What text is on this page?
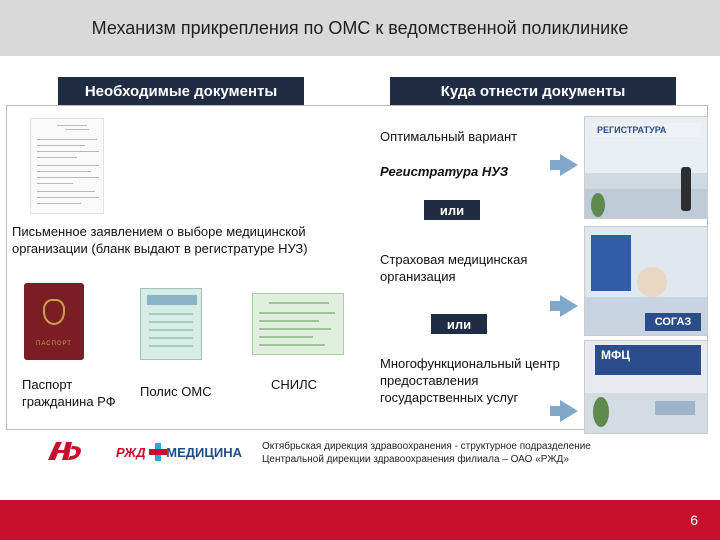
Механизм прикрепления по ОМС к ведомственной поликлинике
Необходимые документы	Куда отнести документы
Письменное заявлением о выборе медицинской организации (бланк выдают в регистратуре НУЗ)
ПАСПОРТ
Паспорт гражданина РФ
Полис ОМС	СНИЛС
Оптимальный вариант
Регистратура НУЗ
или
Страховая медицинская организация
или
Многофункциональный центр предоставления государственных услуг
РЕГИСТРАТУРА
СОГАЗ
МФЦ
РЖД МЕДИЦИНА Октябрьская дирекция здравоохранения - структурное подразделение
Центральной дирекции здравоохранения филиала – ОАО «РЖД»
6
